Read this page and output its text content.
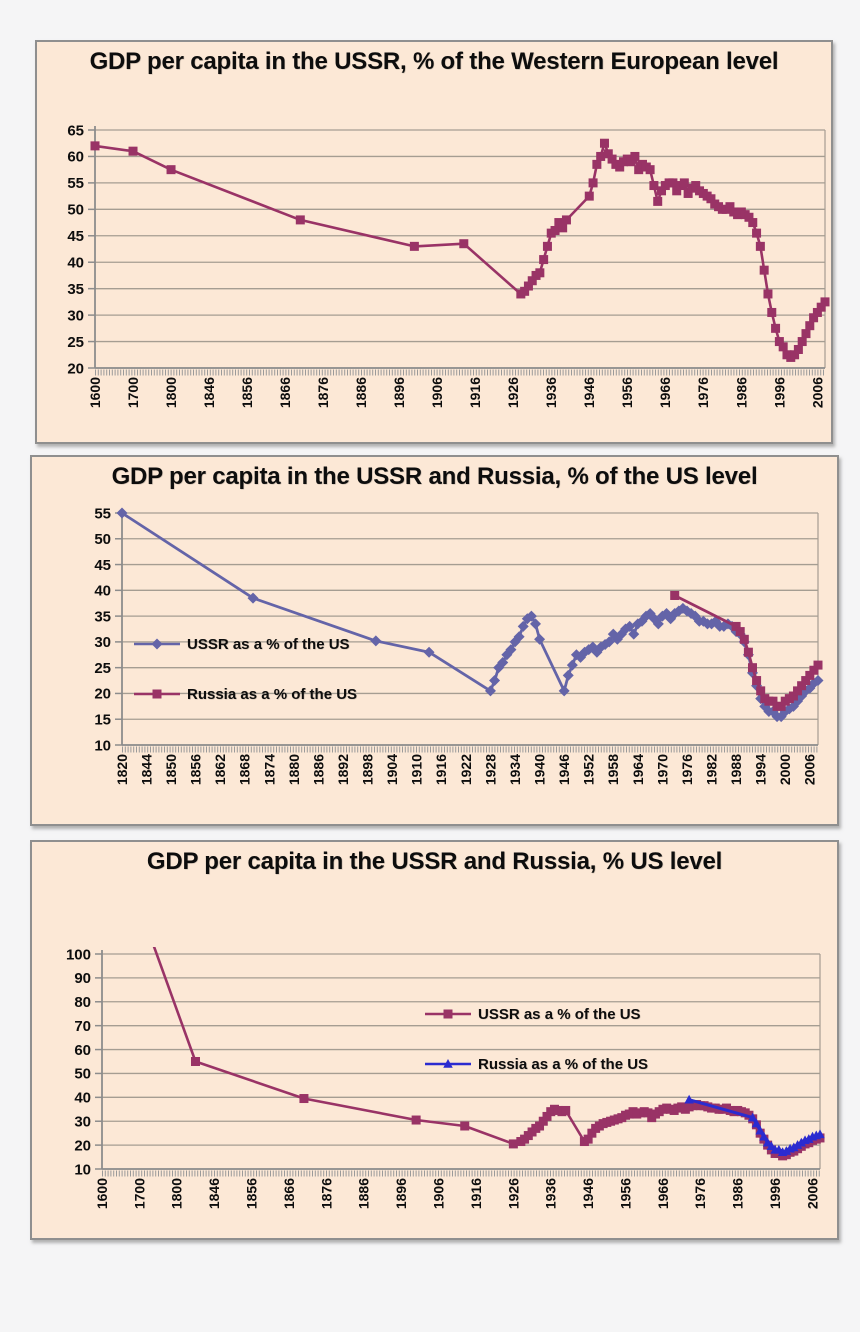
GDP per capita in the USSR, % of the Western European level
20
25
30
35
40
45
50
55
60
65
1600 1700 1800 1846 1856 1866 1876 1886 1896 1906 1916 1926 1936 1946 1956 1966 1976 1986 1996 2006
GDP per capita in the USSR and Russia, % of the US level
10
15
20
25
30
35
40
45
50
55
1820 1844 1850 1856 1862 1868 1874 1880 1886 1892 1898 1904 1910 1916 1922 1928 1934 1940 1946 1952 1958 1964 1970 1976 1982 1988 1994 2000 2006
USSR as a % of the US
Russia as a % of the US
GDP per capita in the USSR and Russia, % US level
10
20
30
40
50
60
70
80
90
100
1600 1700 1800 1846 1856 1866 1876 1886 1896 1906 1916 1926 1936 1946 1956 1966 1976 1986 1996 2006
USSR as a % of the US
Russia as a % of the US
